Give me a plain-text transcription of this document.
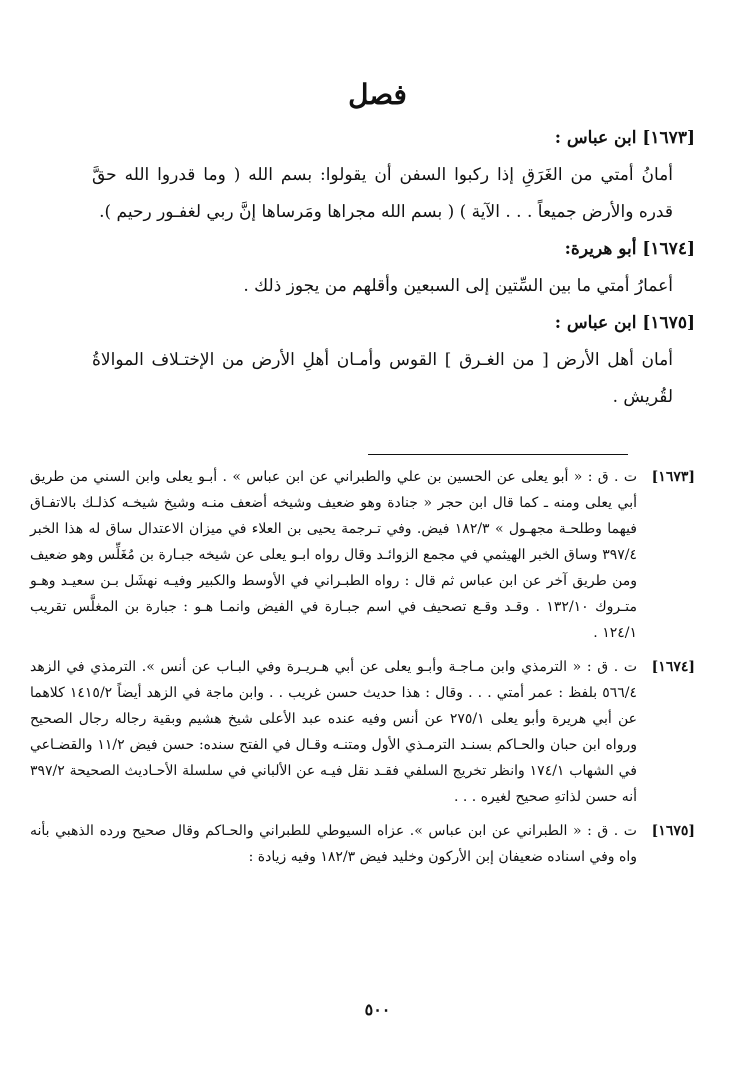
فصل
[١٦٧٣] ابن عباس :
أمانُ أمتي من الغَرَقِ إذا ركبوا السفن أن يقولوا: بسم الله ( وما قدروا الله حقَّ قدره والأرض جميعاً . . . الآية ) ( بسم الله مجراها ومَرساها إنَّ ربي لغفـور رحيم ).
[١٦٧٤] أبو هريرة:
أعمارُ أمتي ما بين السِّتين إلى السبعين وأقلهم من يجوز ذلك .
[١٦٧٥] ابن عباس :
أمان أهل الأرض [ من الغـرق ] القوس وأمـان أهلِ الأرض من الإختـلاف الموالاةُ لقُريش .
[١٦٧٣]
ت . ق : « أبو يعلى عن الحسين بن علي والطبراني عن ابن عباس » . أبـو يعلى وابن السني من طريق أبي يعلى ومنه ـ كما قال ابن حجر « جنادة وهو ضعيف وشيخه أضعف منـه وشيخ شيخـه كذلـك بالاتفـاق فيهما وطلحـة مجهـول » ١٨٢/٣ فيض. وفي تـرجمة يحيى بن العلاء في ميزان الاعتدال ساق له هذا الخبر ٣٩٧/٤ وساق الخبر الهيثمي في مجمع الزوائـد وقال رواه ابـو يعلى عن شيخه جبـارة بن مُغَلِّس وهو ضعيف ومن طريق آخر عن ابن عباس ثم قال : رواه الطبـراني في الأوسط والكبير وفيـه نهشَل بـن سعيـد وهـو متـروك ١٣٢/١٠ . وقـد وقـع تصحيف في اسم جبـارة في الفيض وانمـا هـو : جبارة بن المغلَّس تقريب ١٢٤/١ .
[١٦٧٤]
ت . ق : « الترمذي وابن مـاجـة وأبـو يعلى عن أبي هـريـرة وفي البـاب عن أنس ». الترمذي في الزهد ٥٦٦/٤ بلفظ : عمر أمتي . . . وقال : هذا حديث حسن غريب . . وابن ماجة في الزهد أيضاً ١٤١٥/٢ كلاهما عن أبي هريرة وأبو يعلى ٢٧٥/١ عن أنس وفيه عنده عبد الأعلى شيخ هشيم وبقية رجاله رجال الصحيح ورواه ابن حبان والحـاكم بسنـد الترمـذي الأول ومتنـه وقـال في الفتح سنده: حسن فيض ١١/٢ والقضـاعي في الشهاب ١٧٤/١ وانظر تخريج السلفي فقـد نقل فيـه عن الألباني في سلسلة الأحـاديث الصحيحة ٣٩٧/٢ أنه حسن لذاتهِ صحيح لغيره . . .
[١٦٧٥]
ت . ق : « الطبراني عن ابن عباس ». عزاه السيوطي للطبراني والحـاكم وقال صحيح ورده الذهبي بأنه واه وفي اسناده ضعيفان إبن الأركون وخليد فيض ١٨٢/٣ وفيه زيادة :
٥٠٠
